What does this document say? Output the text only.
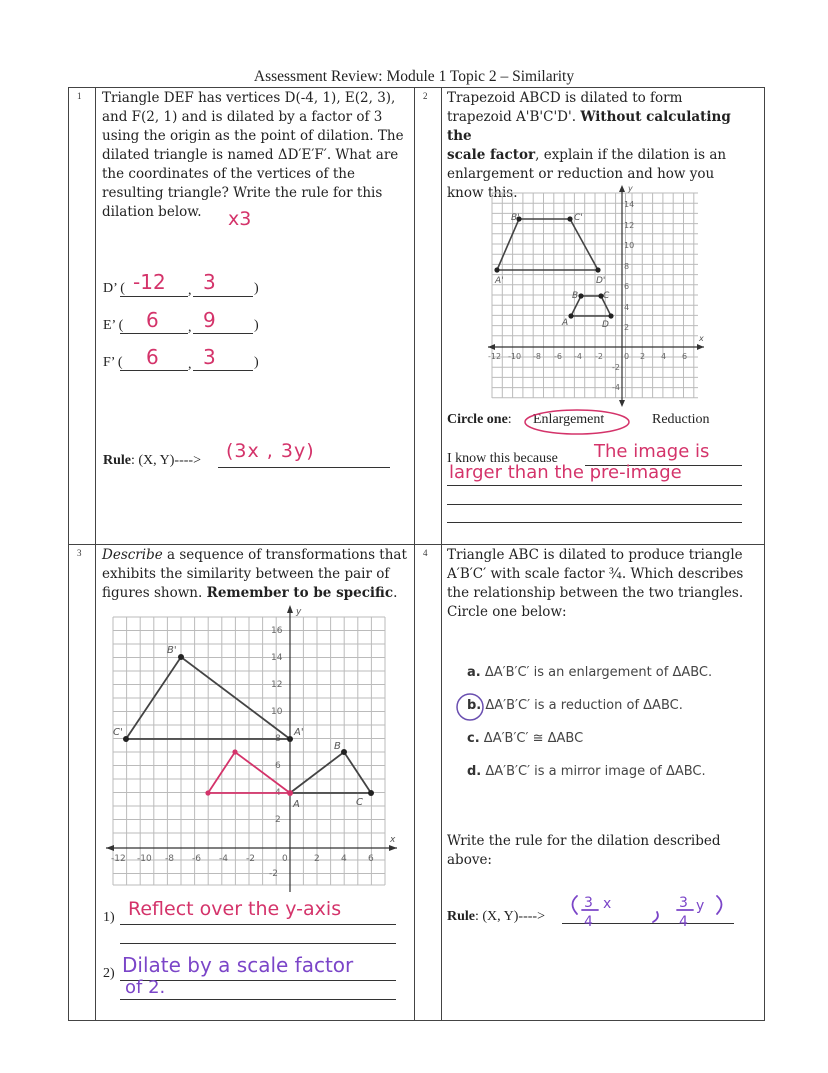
Assessment Review: Module 1 Topic 2 – Similarity
1	2
3	4
Triangle DEF has vertices D(-4, 1), E(2, 3),
and F(2, 1) and is dilated by a factor of 3
using the origin as the point of dilation. The
dilated triangle is named ΔD′E′F′. What are
the coordinates of the vertices of the
resulting triangle? Write the rule for this
dilation below.	x3
D’ ( -12 , 3	)
E’ ( 6 , 9	)
F’ ( 6 , 3	)
Rule: (X, Y)----> (3x , 3y)
Trapezoid ABCD is dilated to form
trapezoid A'B'C'D'. Without calculating the
scale factor, explain if the dilation is an
enlargement or reduction and how you
know this.	y
x
-12 -10 -8 -6 -4 -2	0 2 4 6
14
12
10
8
6
4
2
-2
-4
A'
B'	C'
D'
A
B	C
D
Circle one: Enlargement	Reduction
I know this because The image is
larger than the pre-image
Describe a sequence of transformations that
exhibits the similarity between the pair of
figures shown. Remember to be specific.
y
x
-12 -10 -8 -6 -4 -2	0	2 4 6
16
14
12
10
8
6
4
2
-2
A'
B'
C'
A
B
C
1) Reflect over the y-axis
2) Dilate by a scale factor
of 2.
Triangle ABC is dilated to produce triangle
A′B′C′ with scale factor ¾. Which describes
the relationship between the two triangles.
Circle one below:
a. ΔA′B′C′ is an enlargement of ΔABC.
b. ΔA′B′C′ is a reduction of ΔABC.
c. ΔA′B′C′ ≅ ΔABC
d. ΔA′B′C′ is a mirror image of ΔABC.
Write the rule for the dilation described
above:
Rule: (X, Y)---->
3
4
x	3
4
y
